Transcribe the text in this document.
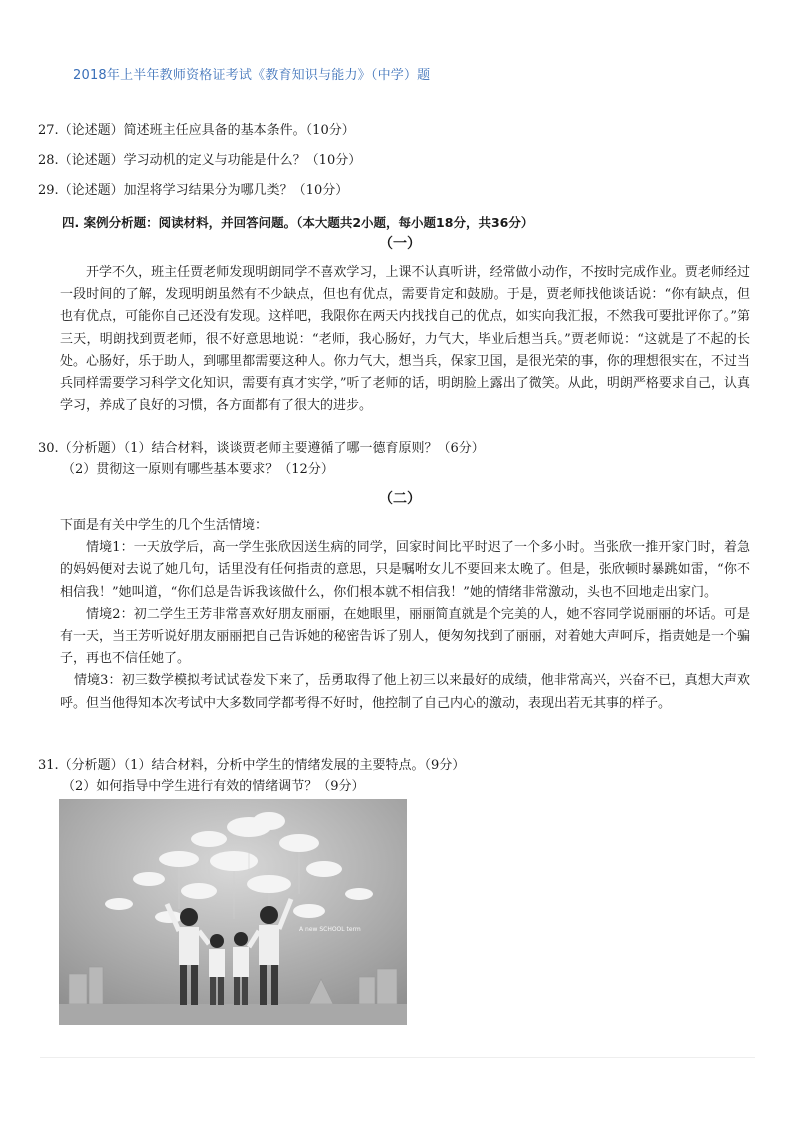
2018年上半年教师资格证考试《教育知识与能力》（中学）题
27.（论述题）简述班主任应具备的基本条件。（10分）
28.（论述题）学习动机的定义与功能是什么？（10分）
29.（论述题）加涅将学习结果分为哪几类？（10分）
四. 案例分析题：阅读材料，并回答问题。（本大题共2小题，每小题18分，共36分）
（一）

开学不久，班主任贾老师发现明朗同学不喜欢学习，上课不认真听讲，经常做小动作，不按时完成作业。贾老师经过一段时间的了解，发现明朗虽然有不少缺点，但也有优点，需要肯定和鼓励。于是，贾老师找他谈话说：“你有缺点，但也有优点，可能你自己还没有发现。这样吧，我限你在两天内找找自己的优点，如实向我汇报，不然我可要批评你了。”第三天，明朗找到贾老师，很不好意思地说：“老师，我心肠好，力气大，毕业后想当兵。”贾老师说：“这就是了不起的长处。心肠好，乐于助人，到哪里都需要这种人。你力气大，想当兵，保家卫国，是很光荣的事，你的理想很实在，不过当兵同样需要学习科学文化知识，需要有真才实学，”听了老师的话，明朗脸上露出了微笑。从此，明朗严格要求自己，认真学习，养成了良好的习惯，各方面都有了很大的进步。

30.（分析题）（1）结合材料，谈谈贾老师主要遵循了哪一德育原则？（6分）
（2）贯彻这一原则有哪些基本要求？（12分）
（二）

下面是有关中学生的几个生活情境：

情境1：一天放学后，高一学生张欣因送生病的同学，回家时间比平时迟了一个多小时。当张欣一推开家门时，着急的妈妈便对去说了她几句，话里没有任何指责的意思，只是嘱咐女儿不要回来太晚了。但是，张欣顿时暴跳如雷，“你不相信我！”她叫道，“你们总是告诉我该做什么，你们根本就不相信我！”她的情绪非常激动，头也不回地走出家门。

情境2：初二学生王芳非常喜欢好朋友丽丽，在她眼里，丽丽简直就是个完美的人，她不容同学说丽丽的坏话。可是有一天，当王芳听说好朋友丽丽把自己告诉她的秘密告诉了别人，便匆匆找到了丽丽，对着她大声呵斥，指责她是一个骗子，再也不信任她了。

情境3：初三数学模拟考试试卷发下来了，岳勇取得了他上初三以来最好的成绩，他非常高兴，兴奋不已，真想大声欢呼。但当他得知本次考试中大多数同学都考得不好时，他控制了自己内心的激动，表现出若无其事的样子。

31.（分析题）（1）结合材料，分析中学生的情绪发展的主要特点。（9分）
（2）如何指导中学生进行有效的情绪调节？（9分）
A new SCHOOL term
